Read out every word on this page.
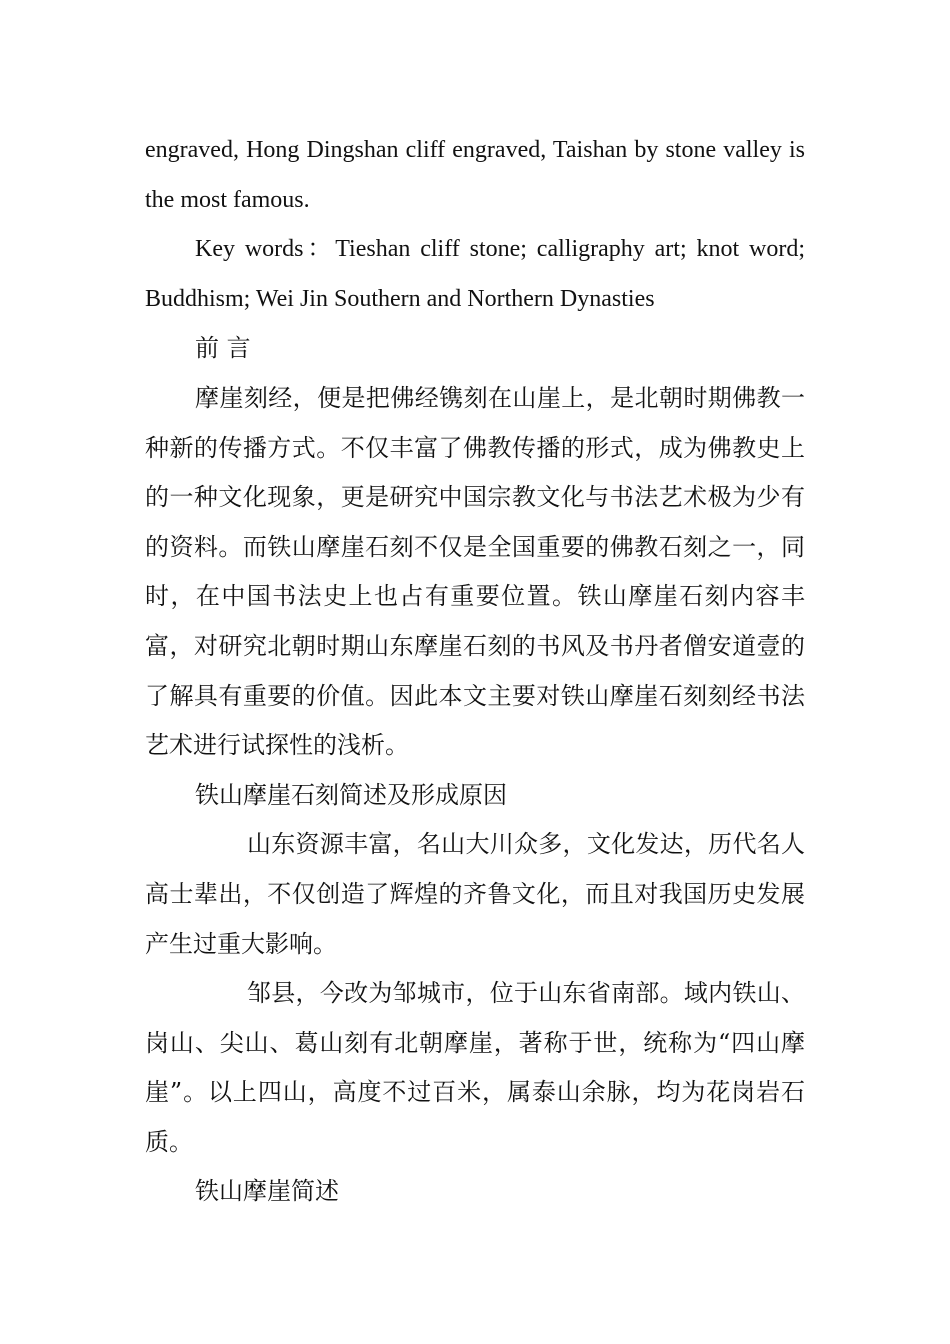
engraved, Hong Dingshan cliff engraved, Taishan by stone valley is the most famous.

Key words：Tieshan cliff stone; calligraphy art; knot word; Buddhism; Wei Jin Southern and Northern Dynasties

前 言

摩崖刻经，便是把佛经镌刻在山崖上，是北朝时期佛教一种新的传播方式。不仅丰富了佛教传播的形式，成为佛教史上的一种文化现象，更是研究中国宗教文化与书法艺术极为少有的资料。而铁山摩崖石刻不仅是全国重要的佛教石刻之一，同时，在中国书法史上也占有重要位置。铁山摩崖石刻内容丰富，对研究北朝时期山东摩崖石刻的书风及书丹者僧安道壹的了解具有重要的价值。因此本文主要对铁山摩崖石刻刻经书法艺术进行试探性的浅析。

铁山摩崖石刻简述及形成原因

山东资源丰富，名山大川众多，文化发达，历代名人高士辈出，不仅创造了辉煌的齐鲁文化，而且对我国历史发展产生过重大影响。

邹县，今改为邹城市，位于山东省南部。域内铁山、岗山、尖山、葛山刻有北朝摩崖，著称于世，统称为“四山摩崖”。以上四山，高度不过百米，属泰山余脉，均为花岗岩石质。

铁山摩崖简述
